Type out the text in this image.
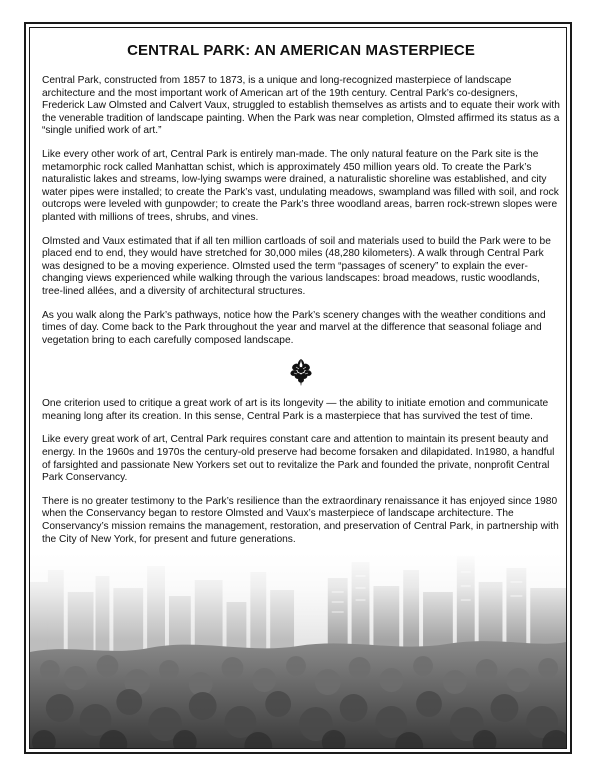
CENTRAL PARK: AN AMERICAN MASTERPIECE

Central Park, constructed from 1857 to 1873, is a unique and long-recognized masterpiece of landscape architecture and the most important work of American art of the 19th century. Central Park’s co-designers, Frederick Law Olmsted and Calvert Vaux, struggled to establish themselves as artists and to equate their work with the venerable tradition of landscape painting. When the Park was near completion, Olmsted affirmed its status as a “single unified work of art.”

Like every other work of art, Central Park is entirely man-made. The only natural feature on the Park site is the metamorphic rock called Manhattan schist, which is approximately 450 million years old. To create the Park’s naturalistic lakes and streams, low-lying swamps were drained, a naturalistic shoreline was established, and city water pipes were installed; to create the Park’s vast, undulating meadows, swampland was filled with soil, and rock outcrops were leveled with gunpowder; to create the Park’s three woodland areas, barren rock-strewn slopes were planted with millions of trees, shrubs, and vines.

Olmsted and Vaux estimated that if all ten million cartloads of soil and materials used to build the Park were to be placed end to end, they would have stretched for 30,000 miles (48,280 kilometers). A walk through Central Park was designed to be a moving experience. Olmsted used the term “passages of scenery” to explain the ever-changing views experienced while walking through the various landscapes: broad meadows, rustic woodlands, tree-lined allées, and a diversity of architectural structures.

As you walk along the Park’s pathways, notice how the Park’s scenery changes with the weather conditions and times of day. Come back to the Park throughout the year and marvel at the difference that seasonal foliage and vegetation bring to each carefully composed landscape.

One criterion used to critique a great work of art is its longevity — the ability to initiate emotion and communicate meaning long after its creation. In this sense, Central Park is a masterpiece that has survived the test of time.

Like every great work of art, Central Park requires constant care and attention to maintain its present beauty and energy. In the 1960s and 1970s the century-old preserve had become forsaken and dilapidated. In1980, a handful of farsighted and passionate New Yorkers set out to revitalize the Park and founded the private, nonprofit Central Park Conservancy.

There is no greater testimony to the Park’s resilience than the extraordinary renaissance it has enjoyed since 1980 when the Conservancy began to restore Olmsted and Vaux’s masterpiece of landscape architecture. The Conservancy’s mission remains the management, restoration, and preservation of Central Park, in partnership with the City of New York, for present and future generations.
